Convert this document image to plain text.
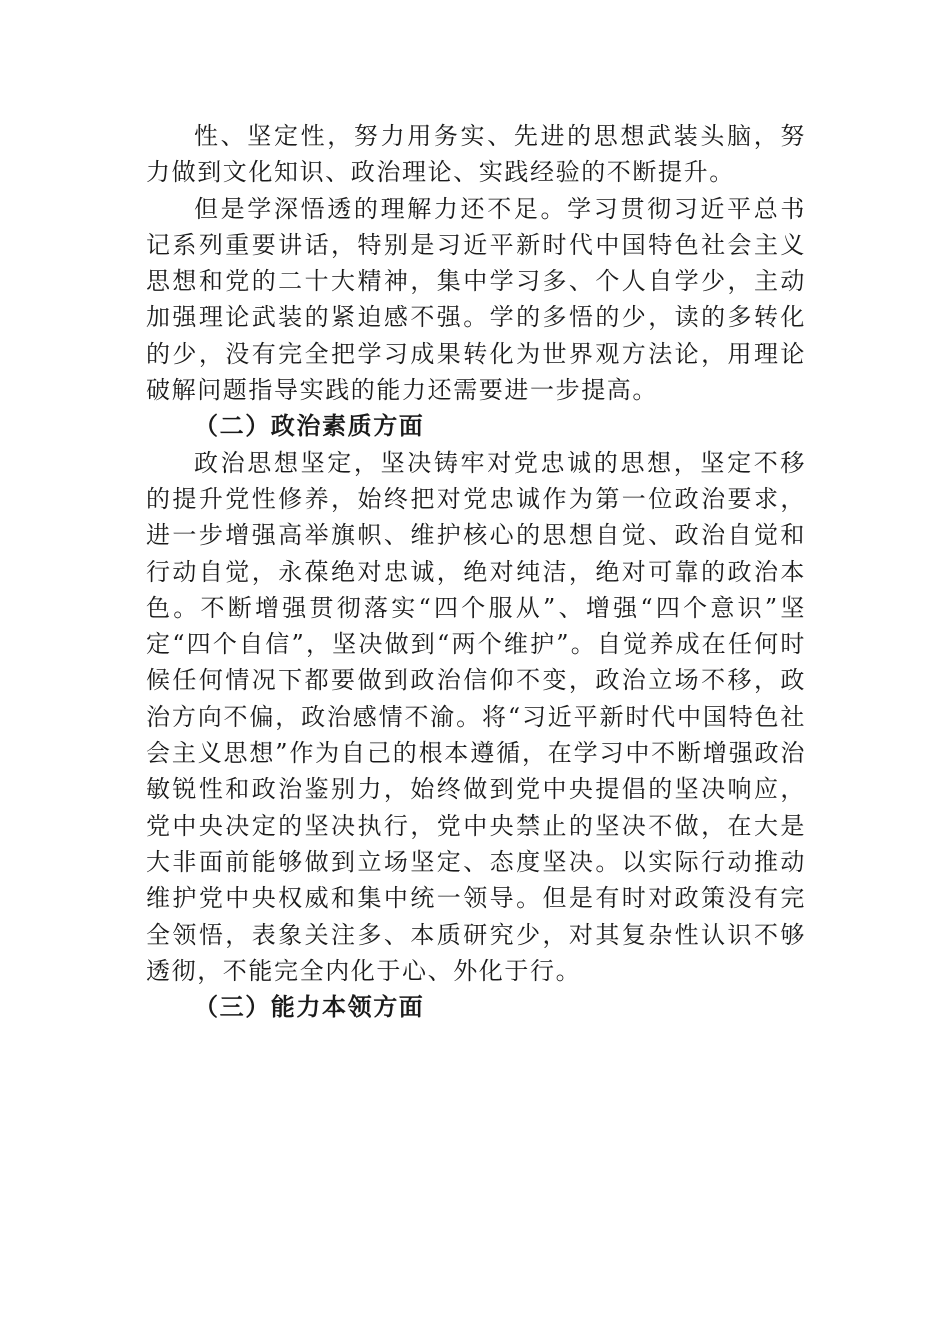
性、坚定性，努力用务实、先进的思想武装头脑，努力做到文化知识、政治理论、实践经验的不断提升。

但是学深悟透的理解力还不足。学习贯彻习近平总书记系列重要讲话，特别是习近平新时代中国特色社会主义思想和党的二十大精神，集中学习多、个人自学少，主动加强理论武装的紧迫感不强。学的多悟的少，读的多转化的少，没有完全把学习成果转化为世界观方法论，用理论破解问题指导实践的能力还需要进一步提高。

（二）政治素质方面

政治思想坚定，坚决铸牢对党忠诚的思想，坚定不移的提升党性修养，始终把对党忠诚作为第一位政治要求，进一步增强高举旗帜、维护核心的思想自觉、政治自觉和行动自觉，永葆绝对忠诚，绝对纯洁，绝对可靠的政治本色。不断增强贯彻落实“四个服从”、增强“四个意识”坚定“四个自信”，坚决做到“两个维护”。自觉养成在任何时候任何情况下都要做到政治信仰不变，政治立场不移，政治方向不偏，政治感情不渝。将“习近平新时代中国特色社会主义思想”作为自己的根本遵循，在学习中不断增强政治敏锐性和政治鉴别力，始终做到党中央提倡的坚决响应，党中央决定的坚决执行，党中央禁止的坚决不做，在大是大非面前能够做到立场坚定、态度坚决。以实际行动推动维护党中央权威和集中统一领导。但是有时对政策没有完全领悟，表象关注多、本质研究少，对其复杂性认识不够透彻，不能完全内化于心、外化于行。

（三）能力本领方面
